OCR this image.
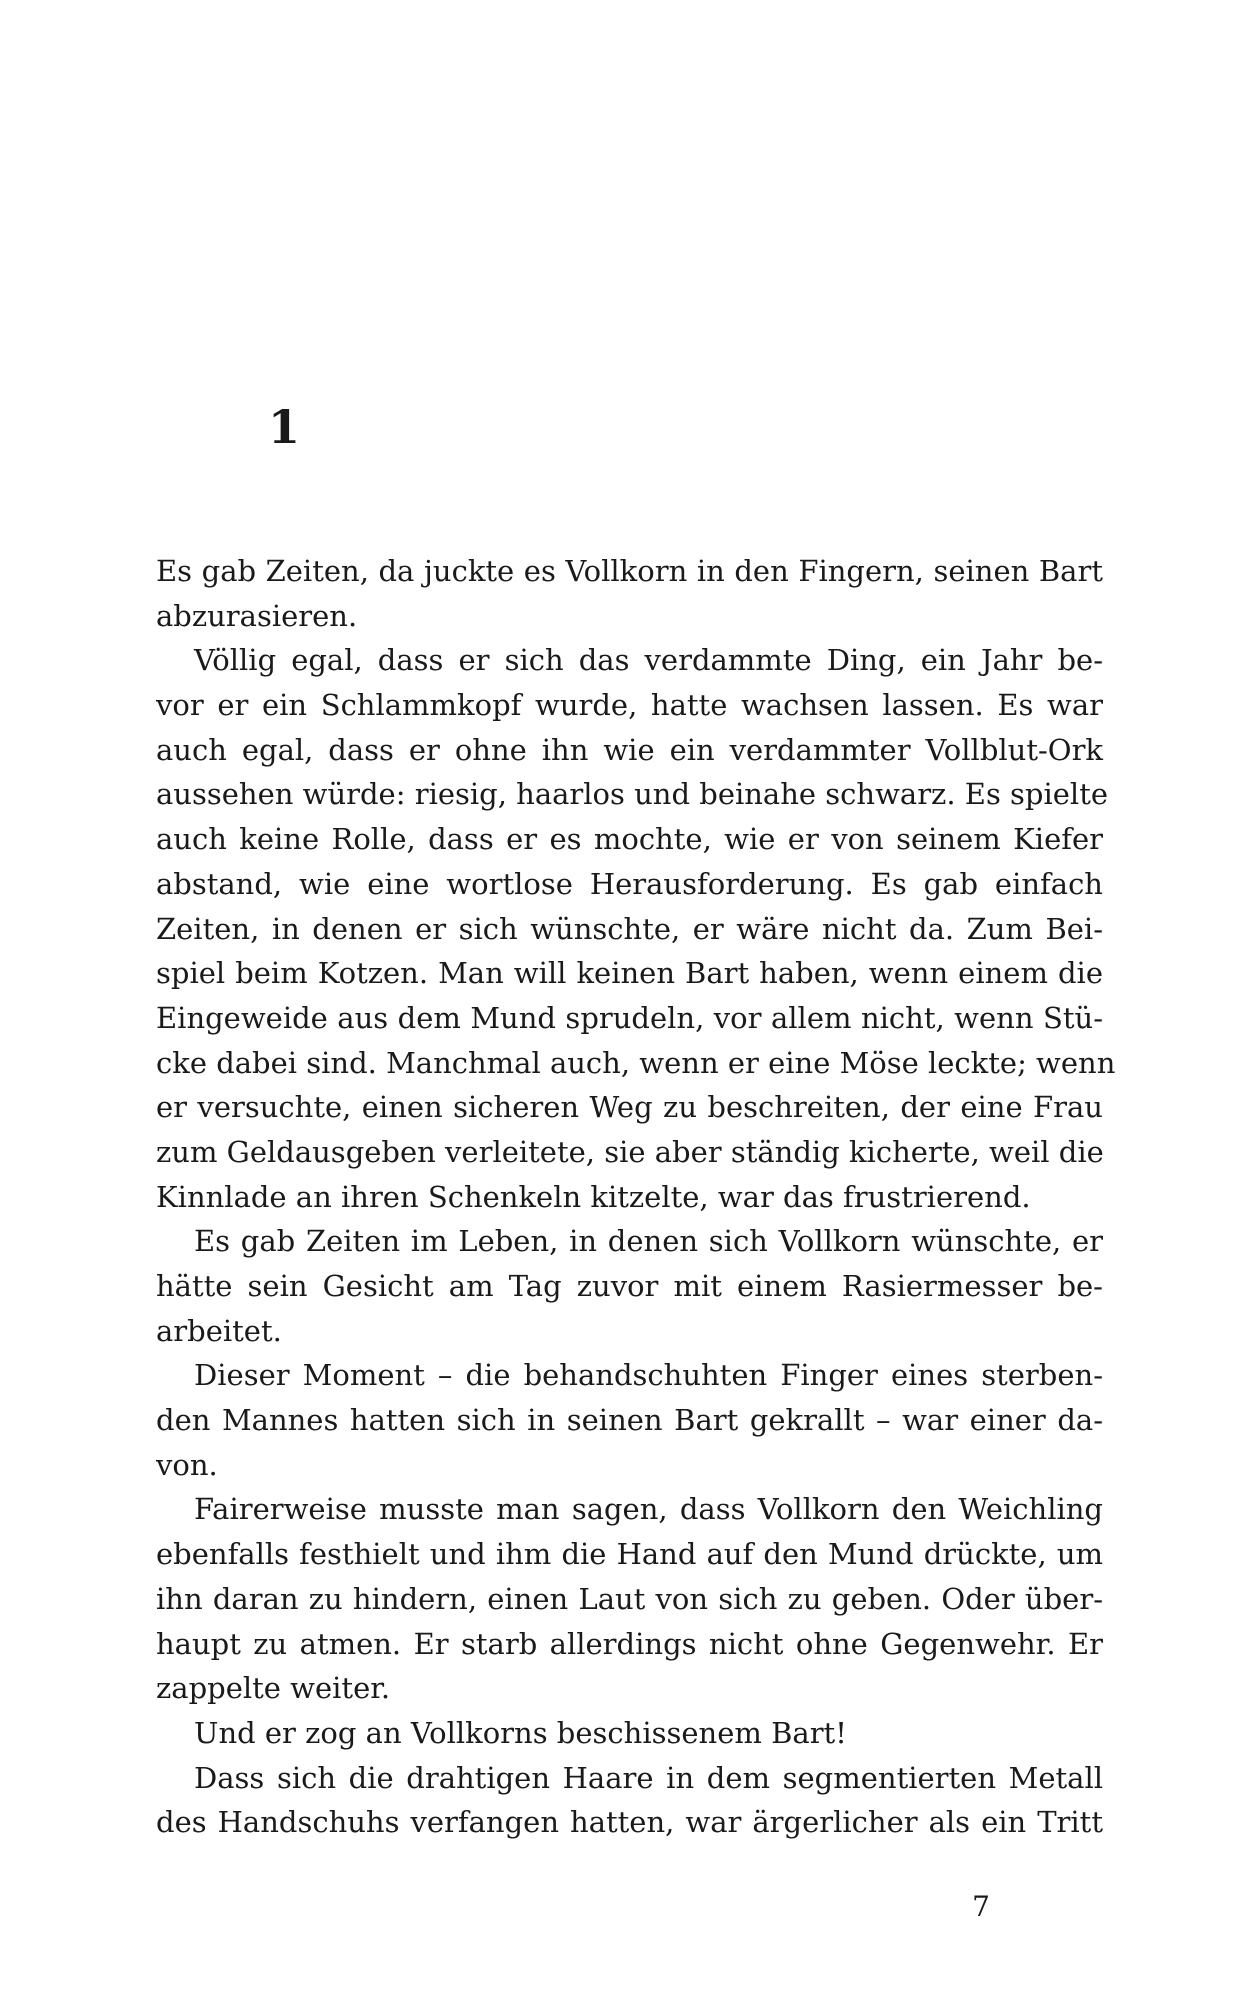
1
Es gab Zeiten, da juckte es Vollkorn in den Fingern, seinen Bart
abzurasieren.
Völlig egal, dass er sich das verdammte Ding, ein Jahr be-
vor er ein Schlammkopf wurde, hatte wachsen lassen. Es war
auch egal, dass er ohne ihn wie ein verdammter Vollblut-Ork
aussehen würde: riesig, haarlos und beinahe schwarz. Es spielte
auch keine Rolle, dass er es mochte, wie er von seinem Kiefer
abstand, wie eine wortlose Herausforderung. Es gab einfach
Zeiten, in denen er sich wünschte, er wäre nicht da. Zum Bei-
spiel beim Kotzen. Man will keinen Bart haben, wenn einem die
Eingeweide aus dem Mund sprudeln, vor allem nicht, wenn Stü-
cke dabei sind. Manchmal auch, wenn er eine Möse leckte; wenn
er versuchte, einen sicheren Weg zu beschreiten, der eine Frau
zum Geldausgeben verleitete, sie aber ständig kicherte, weil die
Kinnlade an ihren Schenkeln kitzelte, war das frustrierend.
Es gab Zeiten im Leben, in denen sich Vollkorn wünschte, er
hätte sein Gesicht am Tag zuvor mit einem Rasiermesser be-
arbeitet.
Dieser Moment – die behandschuhten Finger eines sterben-
den Mannes hatten sich in seinen Bart gekrallt – war einer da-
von.
Fairerweise musste man sagen, dass Vollkorn den Weichling
ebenfalls festhielt und ihm die Hand auf den Mund drückte, um
ihn daran zu hindern, einen Laut von sich zu geben. Oder über-
haupt zu atmen. Er starb allerdings nicht ohne Gegenwehr. Er
zappelte weiter.
Und er zog an Vollkorns beschissenem Bart!
Dass sich die drahtigen Haare in dem segmentierten Metall
des Handschuhs verfangen hatten, war ärgerlicher als ein Tritt
7
